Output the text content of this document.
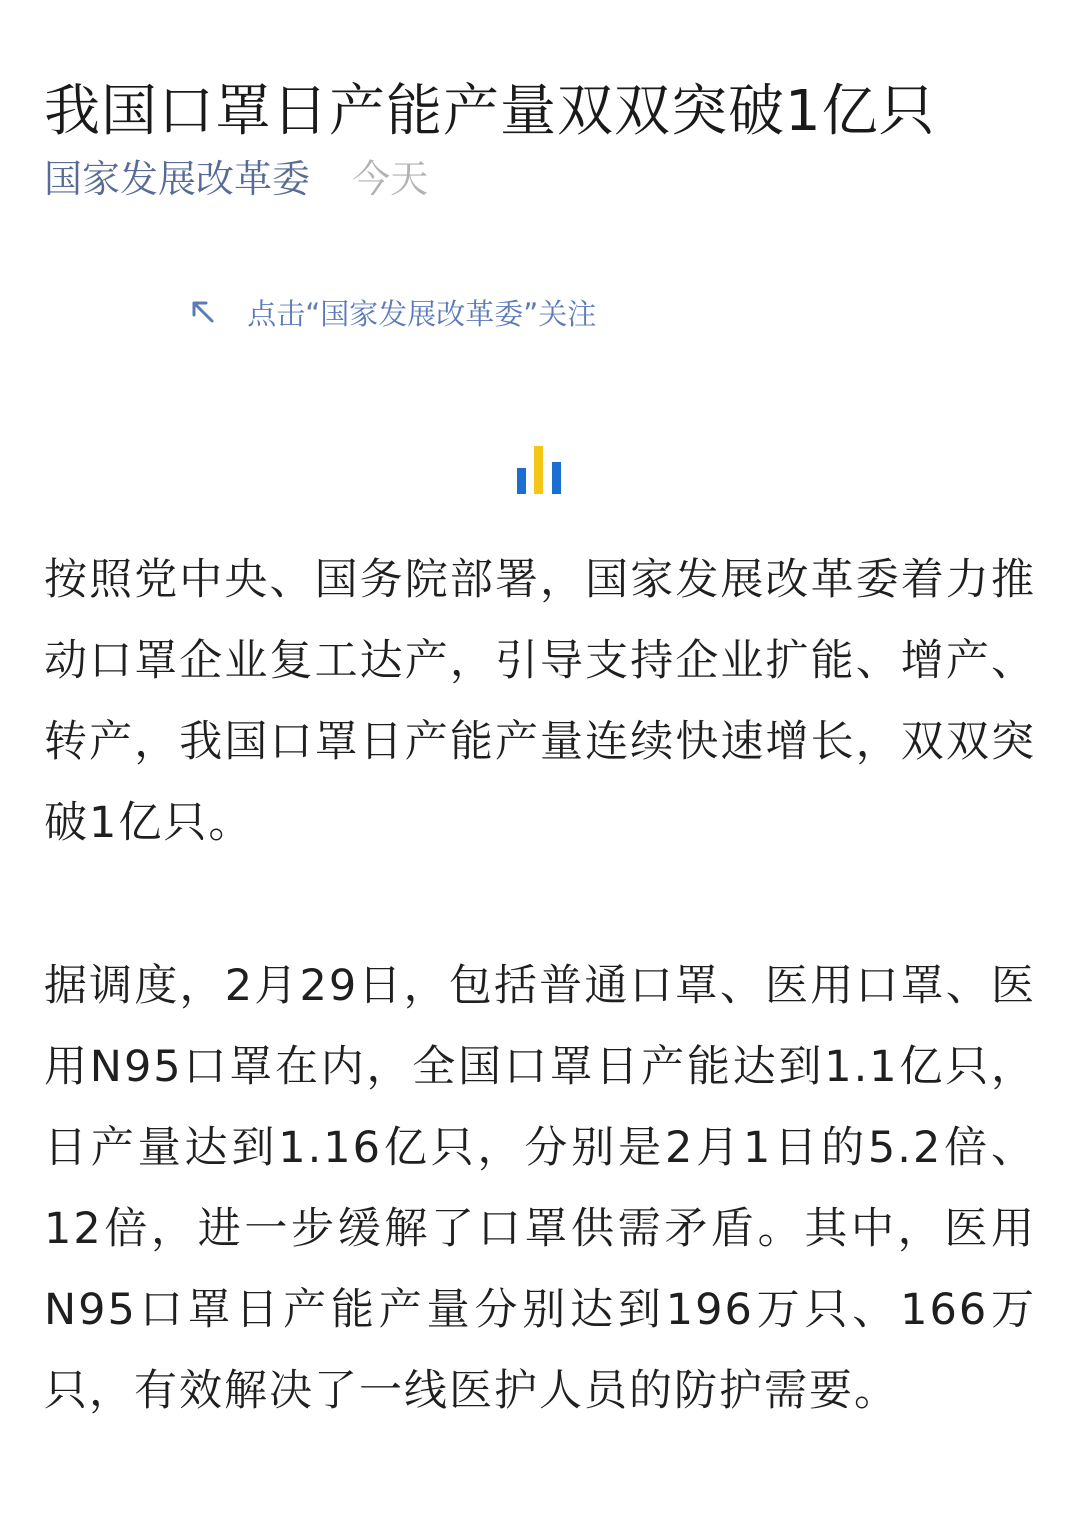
我国口罩日产能产量双双突破1亿只
国家发展改革委 今天
点击“国家发展改革委”关注

按照党中央、国务院部署，国家发展改革委着力推动口罩企业复工达产，引导支持企业扩能、增产、转产，我国口罩日产能产量连续快速增长，双双突破1亿只。

据调度，2月29日，包括普通口罩、医用口罩、医用N95口罩在内，全国口罩日产能达到1.1亿只，日产量达到1.16亿只，分别是2月1日的5.2倍、12倍，进一步缓解了口罩供需矛盾。其中，医用N95口罩日产能产量分别达到196万只、166万只，有效解决了一线医护人员的防护需要。
